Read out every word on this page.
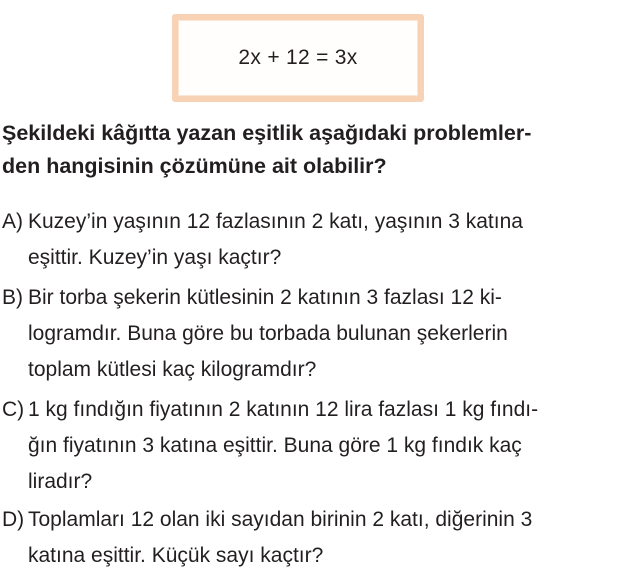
2x + 12 = 3x
Şekildeki kâğıtta yazan eşitlik aşağıdaki problemler-
den hangisinin çözümüne ait olabilir?
A) Kuzey’in yaşının 12 fazlasının 2 katı, yaşının 3 katına
eşittir. Kuzey’in yaşı kaçtır?
B) Bir torba şekerin kütlesinin 2 katının 3 fazlası 12 ki-
logramdır. Buna göre bu torbada bulunan şekerlerin
toplam kütlesi kaç kilogramdır?
C) 1 kg fındığın fiyatının 2 katının 12 lira fazlası 1 kg fındı-
ğın fiyatının 3 katına eşittir. Buna göre 1 kg fındık kaç
liradır?
D) Toplamları 12 olan iki sayıdan birinin 2 katı, diğerinin 3
katına eşittir. Küçük sayı kaçtır?
